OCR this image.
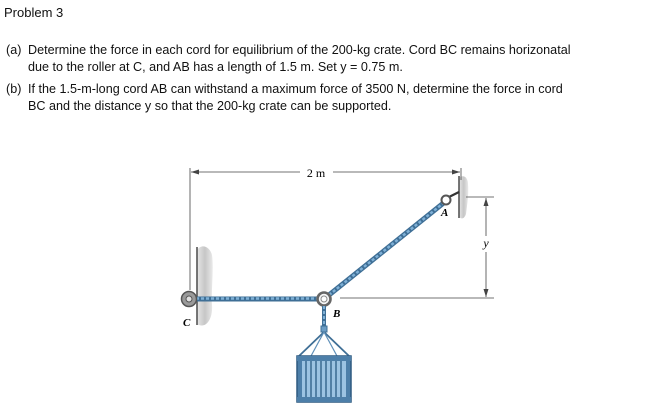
Problem 3
(a) Determine the force in each cord for equilibrium of the 200-kg crate. Cord BC remains horizonatal
due to the roller at C, and AB has a length of 1.5 m. Set y = 0.75 m.
(b) If the 1.5-m-long cord AB can withstand a maximum force of 3500 N, determine the force in cord
BC and the distance y so that the 200-kg crate can be supported.
2 m
y
A
C
B
